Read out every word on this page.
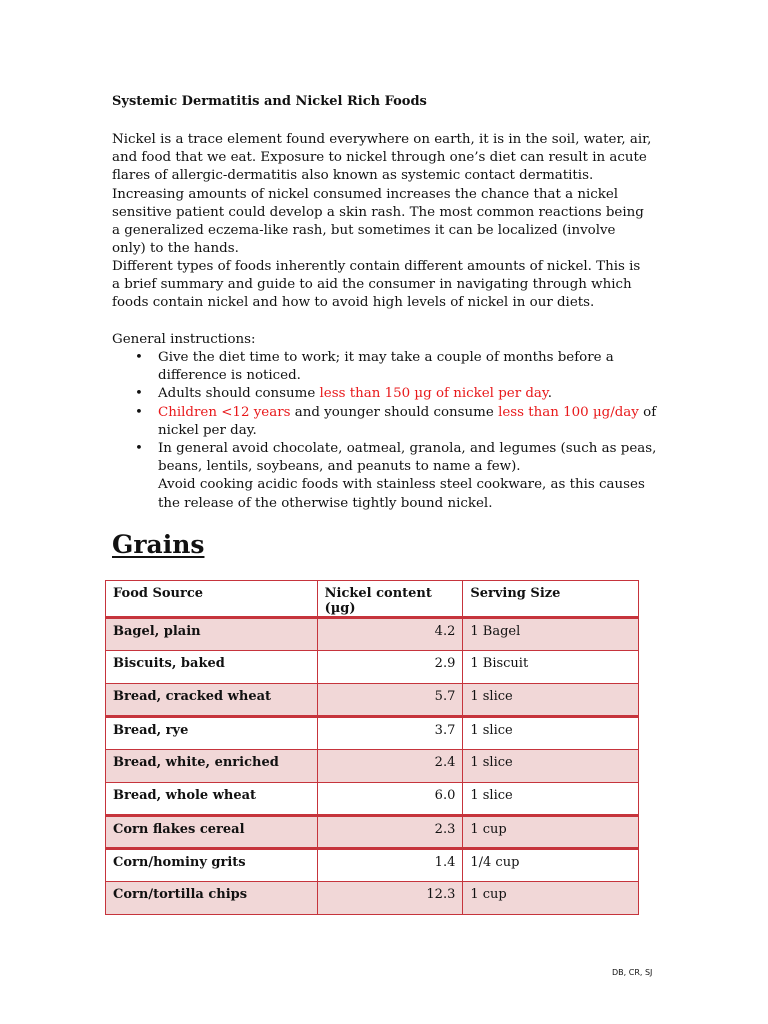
Systemic Dermatitis and Nickel Rich Foods

Nickel is a trace element found everywhere on earth, it is in the soil, water, air, and food that we eat. Exposure to nickel through one’s diet can result in acute flares of allergic-dermatitis also known as systemic contact dermatitis. Increasing amounts of nickel consumed increases the chance that a nickel sensitive patient could develop a skin rash. The most common reactions being a generalized eczema-like rash, but sometimes it can be localized (involve only) to the hands.

Different types of foods inherently contain different amounts of nickel. This is a brief summary and guide to aid the consumer in navigating through which foods contain nickel and how to avoid high levels of nickel in our diets.

General instructions:

• Give the diet time to work; it may take a couple of months before a difference is noticed.
• Adults should consume less than 150 µg of nickel per day.
• Children <12 years and younger should consume less than 100 µg/day of nickel per day.
• In general avoid chocolate, oatmeal, granola, and legumes (such as peas, beans, lentils, soybeans, and peanuts to name a few).
Avoid cooking acidic foods with stainless steel cookware, as this causes the release of the otherwise tightly bound nickel.
Grains
Food Source	Nickel content (µg)	Serving Size
Bagel, plain	4.2	1 Bagel
Biscuits, baked	2.9	1 Biscuit
Bread, cracked wheat	5.7	1 slice
Bread, rye	3.7	1 slice
Bread, white, enriched	2.4	1 slice
Bread, whole wheat	6.0	1 slice
Corn flakes cereal	2.3	1 cup
Corn/hominy grits	1.4	1/4 cup
Corn/tortilla chips	12.3	1 cup
DB, CR, SJ
